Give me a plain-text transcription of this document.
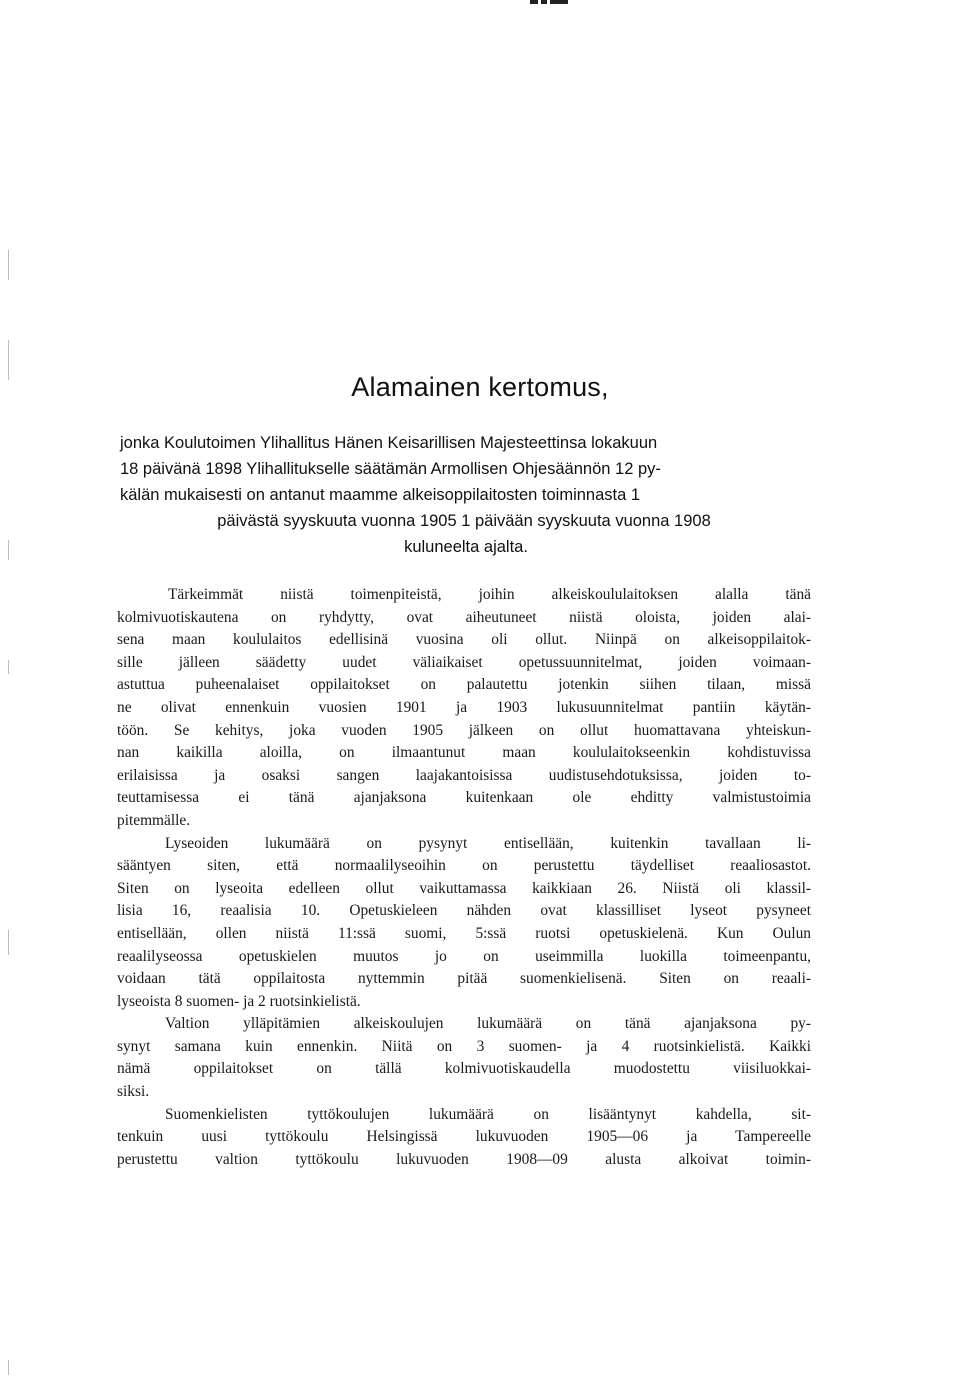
Alamainen kertomus,
jonka Koulutoimen Ylihallitus Hänen Keisarillisen Majesteettinsa lokakuun
18 päivänä 1898 Ylihallitukselle säätämän Armollisen Ohjesäännön 12 py-
kälän mukaisesti on antanut maamme alkeisoppilaitosten toiminnasta 1
päivästä syyskuuta vuonna 1905 1 päivään syyskuuta vuonna 1908
kuluneelta ajalta.
Tärkeimmät niistä toimenpiteistä, joihin alkeiskoululaitoksen alalla tänä
kolmivuotiskautena on ryhdytty, ovat aiheutuneet niistä oloista, joiden alai-
sena maan koululaitos edellisinä vuosina oli ollut. Niinpä on alkeisoppilaitok-
sille jälleen säädetty uudet väliaikaiset opetussuunnitelmat, joiden voimaan-
astuttua puheenalaiset oppilaitokset on palautettu jotenkin siihen tilaan, missä
ne olivat ennenkuin vuosien 1901 ja 1903 lukusuunnitelmat pantiin käytän-
töön. Se kehitys, joka vuoden 1905 jälkeen on ollut huomattavana yhteiskun-
nan kaikilla aloilla, on ilmaantunut maan koululaitokseenkin kohdistuvissa
erilaisissa ja osaksi sangen laajakantoisissa uudistusehdotuksissa, joiden to-
teuttamisessa ei tänä ajanjaksona kuitenkaan ole ehditty valmistustoimia
pitemmälle.
Lyseoiden lukumäärä on pysynyt entisellään, kuitenkin tavallaan li-
sääntyen siten, että normaalilyseoihin on perustettu täydelliset reaaliosastot.
Siten on lyseoita edelleen ollut vaikuttamassa kaikkiaan 26. Niistä oli klassil-
lisia 16, reaalisia 10. Opetuskieleen nähden ovat klassilliset lyseot pysyneet
entisellään, ollen niistä 11:ssä suomi, 5:ssä ruotsi opetuskielenä. Kun Oulun
reaalilyseossa opetuskielen muutos jo on useimmilla luokilla toimeenpantu,
voidaan tätä oppilaitosta nyttemmin pitää suomenkielisenä. Siten on reaali-
lyseoista 8 suomen- ja 2 ruotsinkielistä.
Valtion ylläpitämien alkeiskoulujen lukumäärä on tänä ajanjaksona py-
synyt samana kuin ennenkin. Niitä on 3 suomen- ja 4 ruotsinkielistä. Kaikki
nämä oppilaitokset on tällä kolmivuotiskaudella muodostettu viisiluokkai-
siksi.
Suomenkielisten tyttökoulujen lukumäärä on lisääntynyt kahdella, sit-
tenkuin uusi tyttökoulu Helsingissä lukuvuoden 1905—06 ja Tampereelle
perustettu valtion tyttökoulu lukuvuoden 1908—09 alusta alkoivat toimin-
